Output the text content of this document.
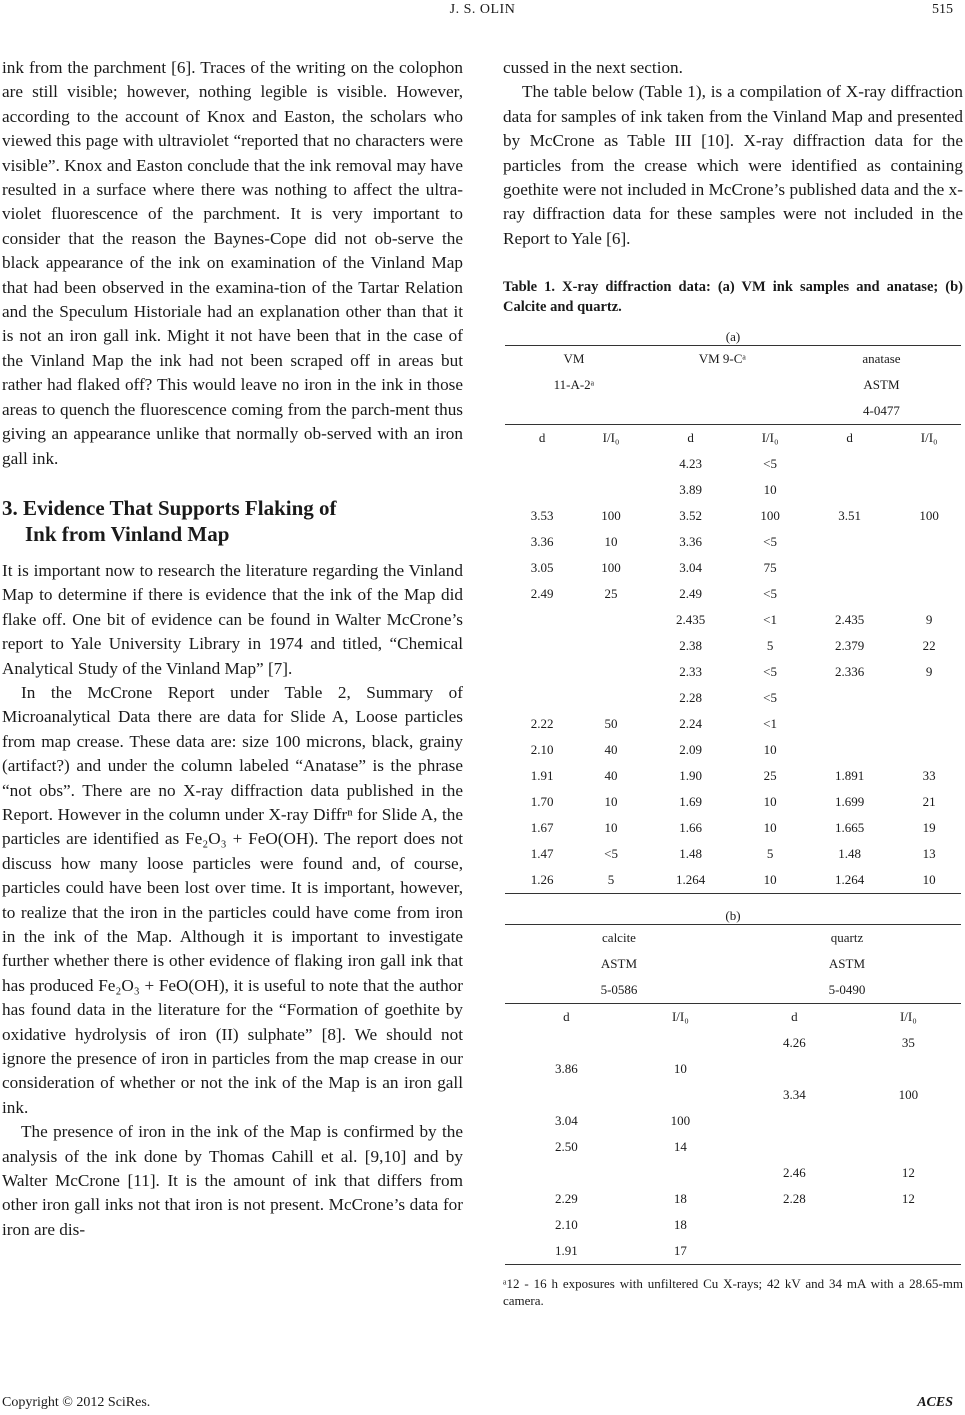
J. S. OLIN	515

ink from the parchment [6]. Traces of the writing on the colophon are still visible; however, nothing legible is visible. However, according to the account of Knox and Easton, the scholars who viewed this page with ultraviolet “reported that no characters were visible”. Knox and Easton conclude that the ink removal may have resulted in a surface where there was nothing to affect the ultra-violet fluorescence of the parchment. It is very important to consider that the reason the Baynes-Cope did not ob-serve the black appearance of the ink on examination of the Vinland Map that had been observed in the examina-tion of the Tartar Relation and the Speculum Historiale had an explanation other than that it is not an iron gall ink. Might it not have been that in the case of the Vinland Map the ink had not been scraped off in areas but rather had flaked off? This would leave no iron in the ink in those areas to quench the fluorescence coming from the parch-ment thus giving an appearance unlike that normally ob-served with an iron gall ink.

3. Evidence That Supports Flaking of
Ink from Vinland Map

It is important now to research the literature regarding the Vinland Map to determine if there is evidence that the ink of the Map did flake off. One bit of evidence can be found in Walter McCrone’s report to Yale University Library in 1974 and titled, “Chemical Analytical Study of the Vinland Map” [7].

In the McCrone Report under Table 2, Summary of Microanalytical Data there are data for Slide A, Loose particles from map crease. These data are: size 100 microns, black, grainy (artifact?) and under the column labeled “Anatase” is the phrase “not obs”. There are no X-ray diffraction data published in the Report. However in the column under X-ray Diffrⁿ for Slide A, the particles are identified as Fe₂O₃ + FeO(OH). The report does not discuss how many loose particles were found and, of course, particles could have been lost over time. It is important, however, to realize that the iron in the particles could have come from iron in the ink of the Map. Although it is important to investigate further whether there is other evidence of flaking iron gall ink that has produced Fe₂O₃ + FeO(OH), it is useful to note that the author has found data in the literature for the “Formation of goethite by oxidative hydrolysis of iron (II) sulphate” [8]. We should not ignore the presence of iron in particles from the map crease in our consideration of whether or not the ink of the Map is an iron gall ink.

The presence of iron in the ink of the Map is confirmed by the analysis of the ink done by Thomas Cahill et al. [9,10] and by Walter McCrone [11]. It is the amount of ink that differs from other iron gall inks not that iron is not present. McCrone’s data for iron are dis-

cussed in the next section.

The table below (Table 1), is a compilation of X-ray diffraction data for samples of ink taken from the Vinland Map and presented by McCrone as Table III [10]. X-ray diffraction data for the particles from the crease which were identified as containing goethite were not included in McCrone’s published data and the x-ray diffraction data for these samples were not included in the Report to Yale [6].

Table 1. X-ray diffraction data: (a) VM ink samples and anatase; (b) Calcite and quartz.
(a)
VM		VM 9-Cᵃ		anatase	
11-A-2ᵃ				ASTM	
				4-0477	
d	I/I₀	d	I/I₀	d	I/I₀
		4.23	<5		
		3.89	10		
3.53	100	3.52	100	3.51	100
3.36	10	3.36	<5		
3.05	100	3.04	75		
2.49	25	2.49	<5		
		2.435	<1	2.435	9
		2.38	5	2.379	22
		2.33	<5	2.336	9
		2.28	<5		
2.22	50	2.24	<1		
2.10	40	2.09	10		
1.91	40	1.90	25	1.891	33
1.70	10	1.69	10	1.699	21
1.67	10	1.66	10	1.665	19
1.47	<5	1.48	5	1.48	13
1.26	5	1.264	10	1.264	10
(b)
calcite		quartz	
ASTM		ASTM	
5-0586		5-0490	
d	I/I₀	d	I/I₀
		4.26	35
3.86	10		
		3.34	100
3.04	100		
2.50	14		
		2.46	12
2.29	18	2.28	12
2.10	18		
1.91	17		
ᵃ12 - 16 h exposures with unfiltered Cu X-rays; 42 kV and 34 mA with a 28.65-mm camera.
Copyright © 2012 SciRes.	ACES
